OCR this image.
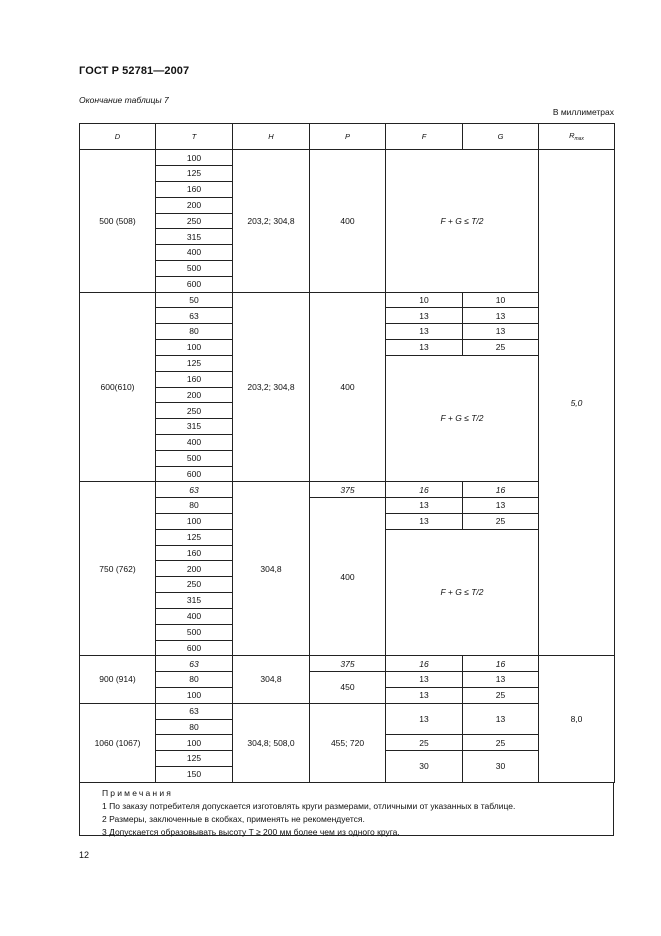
ГОСТ Р 52781—2007
Окончание таблицы 7
В миллиметрах
D	T	H	P	F	G	$R_{max}$
500 (508)	100	203,2; 304,8	400	F + G ≤ T/2		5,0
	125					
	160					
	200					
	250					
	315					
	400					
	500					
	600					
600(610)	50	203,2; 304,8	400	10	10	
	63			13	13	
	80			13	13	
	100			13	25	
	125			F + G ≤ T/2		
	160					
	200					
	250					
	315					
	400					
	500					
	600					
750 (762)	63	304,8	375	16	16	
	80		400	13	13	
	100			13	25	
	125			F + G ≤ T/2		
	160					
	200					
	250					
	315					
	400					
	500					
	600					
900 (914)	63	304,8	375	16	16	8,0
	80		450	13	13	
	100			13	25	
1060 (1067)	63	304,8; 508,0	455; 720	13	13	
	80					
	100			25	25	
	125			30	30	
	150					
Примечания
1 По заказу потребителя допускается изготовлять круги размерами, отличными от указанных в таблице.
2 Размеры, заключенные в скобках, применять не рекомендуется.
3 Допускается образовывать высоту T ≥ 200 мм более чем из одного круга.
12
